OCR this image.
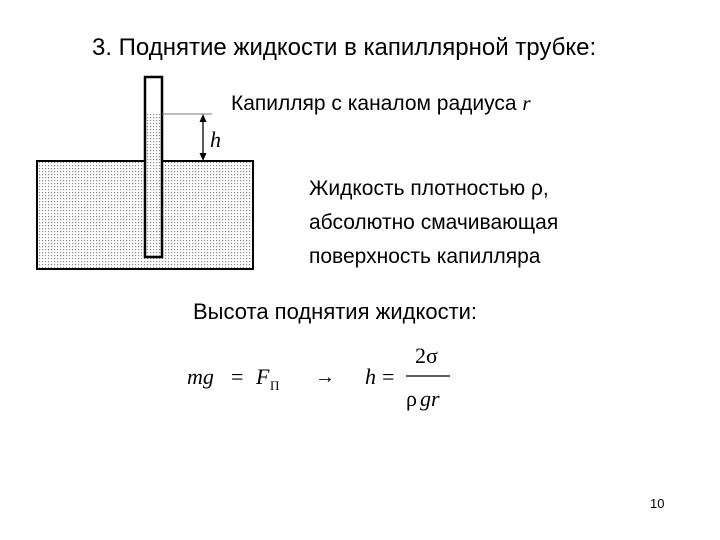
3. Поднятие жидкости в капиллярной трубке:
h
Капилляр с каналом радиуса r
Жидкость плотностью ρ,
абсолютно смачивающая
поверхность капилляра
Высота поднятия жидкости:
mg = F П → h =
2σ
ρ gr
10
